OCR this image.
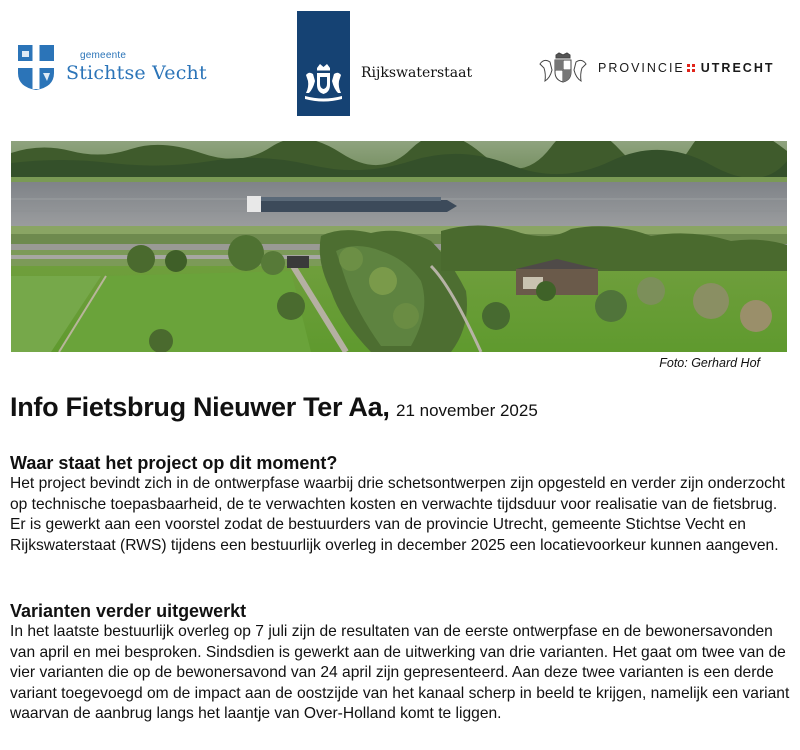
gemeente
Stichtse Vecht	Rijkswaterstaat	PROVINCIE UTRECHT
Foto: Gerhard Hof
Info Fietsbrug Nieuwer Ter Aa, 21 november 2025
Waar staat het project op dit moment?

Het project bevindt zich in de ontwerpfase waarbij drie schetsontwerpen zijn opgesteld en verder zijn onderzocht op technische toepasbaarheid, de te verwachten kosten en verwachte tijdsduur voor realisatie van de fietsbrug. Er is gewerkt aan een voorstel zodat de bestuurders van de provincie Utrecht, gemeente Stichtse Vecht en Rijkswaterstaat (RWS) tijdens een bestuurlijk overleg in december 2025 een locatievoorkeur kunnen aangeven.

Varianten verder uitgewerkt

In het laatste bestuurlijk overleg op 7 juli zijn de resultaten van de eerste ontwerpfase en de bewonersavonden van april en mei besproken. Sindsdien is gewerkt aan de uitwerking van drie varianten. Het gaat om twee van de vier varianten die op de bewonersavond van 24 april zijn gepresenteerd. Aan deze twee varianten is een derde variant toegevoegd om de impact aan de oostzijde van het kanaal scherp in beeld te krijgen, namelijk een variant waarvan de aanbrug langs het laantje van Over-Holland komt te liggen.
